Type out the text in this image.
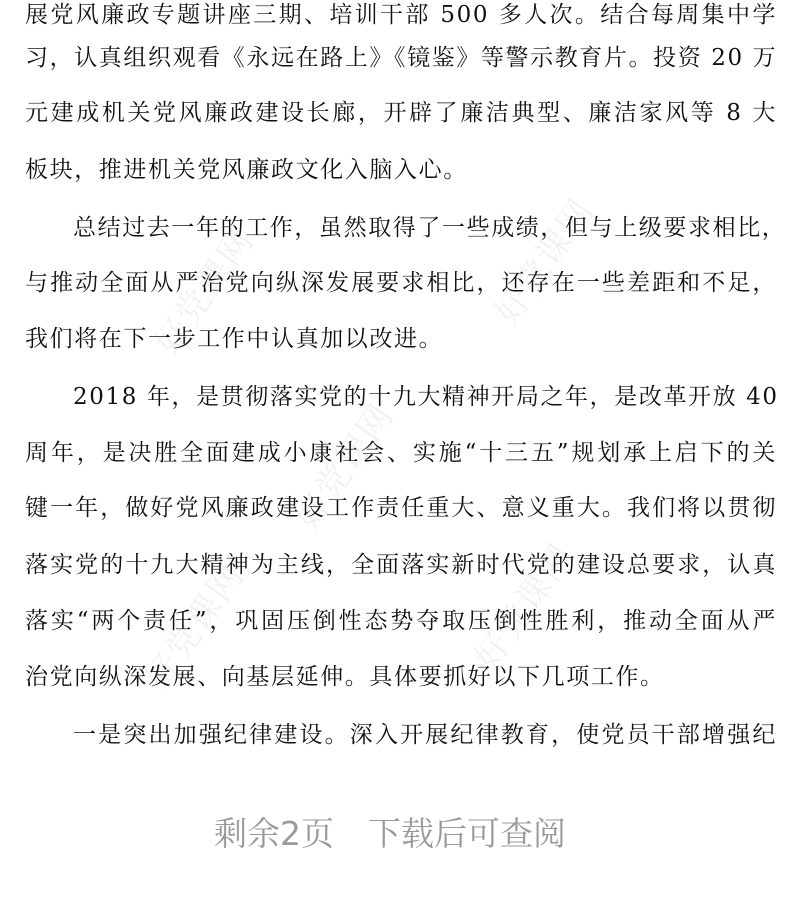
展党风廉政专题讲座三期、培训干部 500 多人次。结合每周集中学
习，认真组织观看《永远在路上》《镜鉴》等警示教育片。投资 20 万
元建成机关党风廉政建设长廊，开辟了廉洁典型、廉洁家风等 8 大
板块，推进机关党风廉政文化入脑入心。
总结过去一年的工作，虽然取得了一些成绩，但与上级要求相比，
与推动全面从严治党向纵深发展要求相比，还存在一些差距和不足，
我们将在下一步工作中认真加以改进。
2018 年，是贯彻落实党的十九大精神开局之年，是改革开放 40
周年，是决胜全面建成小康社会、实施“十三五”规划承上启下的关
键一年，做好党风廉政建设工作责任重大、意义重大。我们将以贯彻
落实党的十九大精神为主线，全面落实新时代党的建设总要求，认真
落实“两个责任”，巩固压倒性态势夺取压倒性胜利，推动全面从严
治党向纵深发展、向基层延伸。具体要抓好以下几项工作。
一是突出加强纪律建设。深入开展纪律教育，使党员干部增强纪
好党课网	好党课网
好党课网
好党课网	好党课网
剩余2页 下载后可查阅
